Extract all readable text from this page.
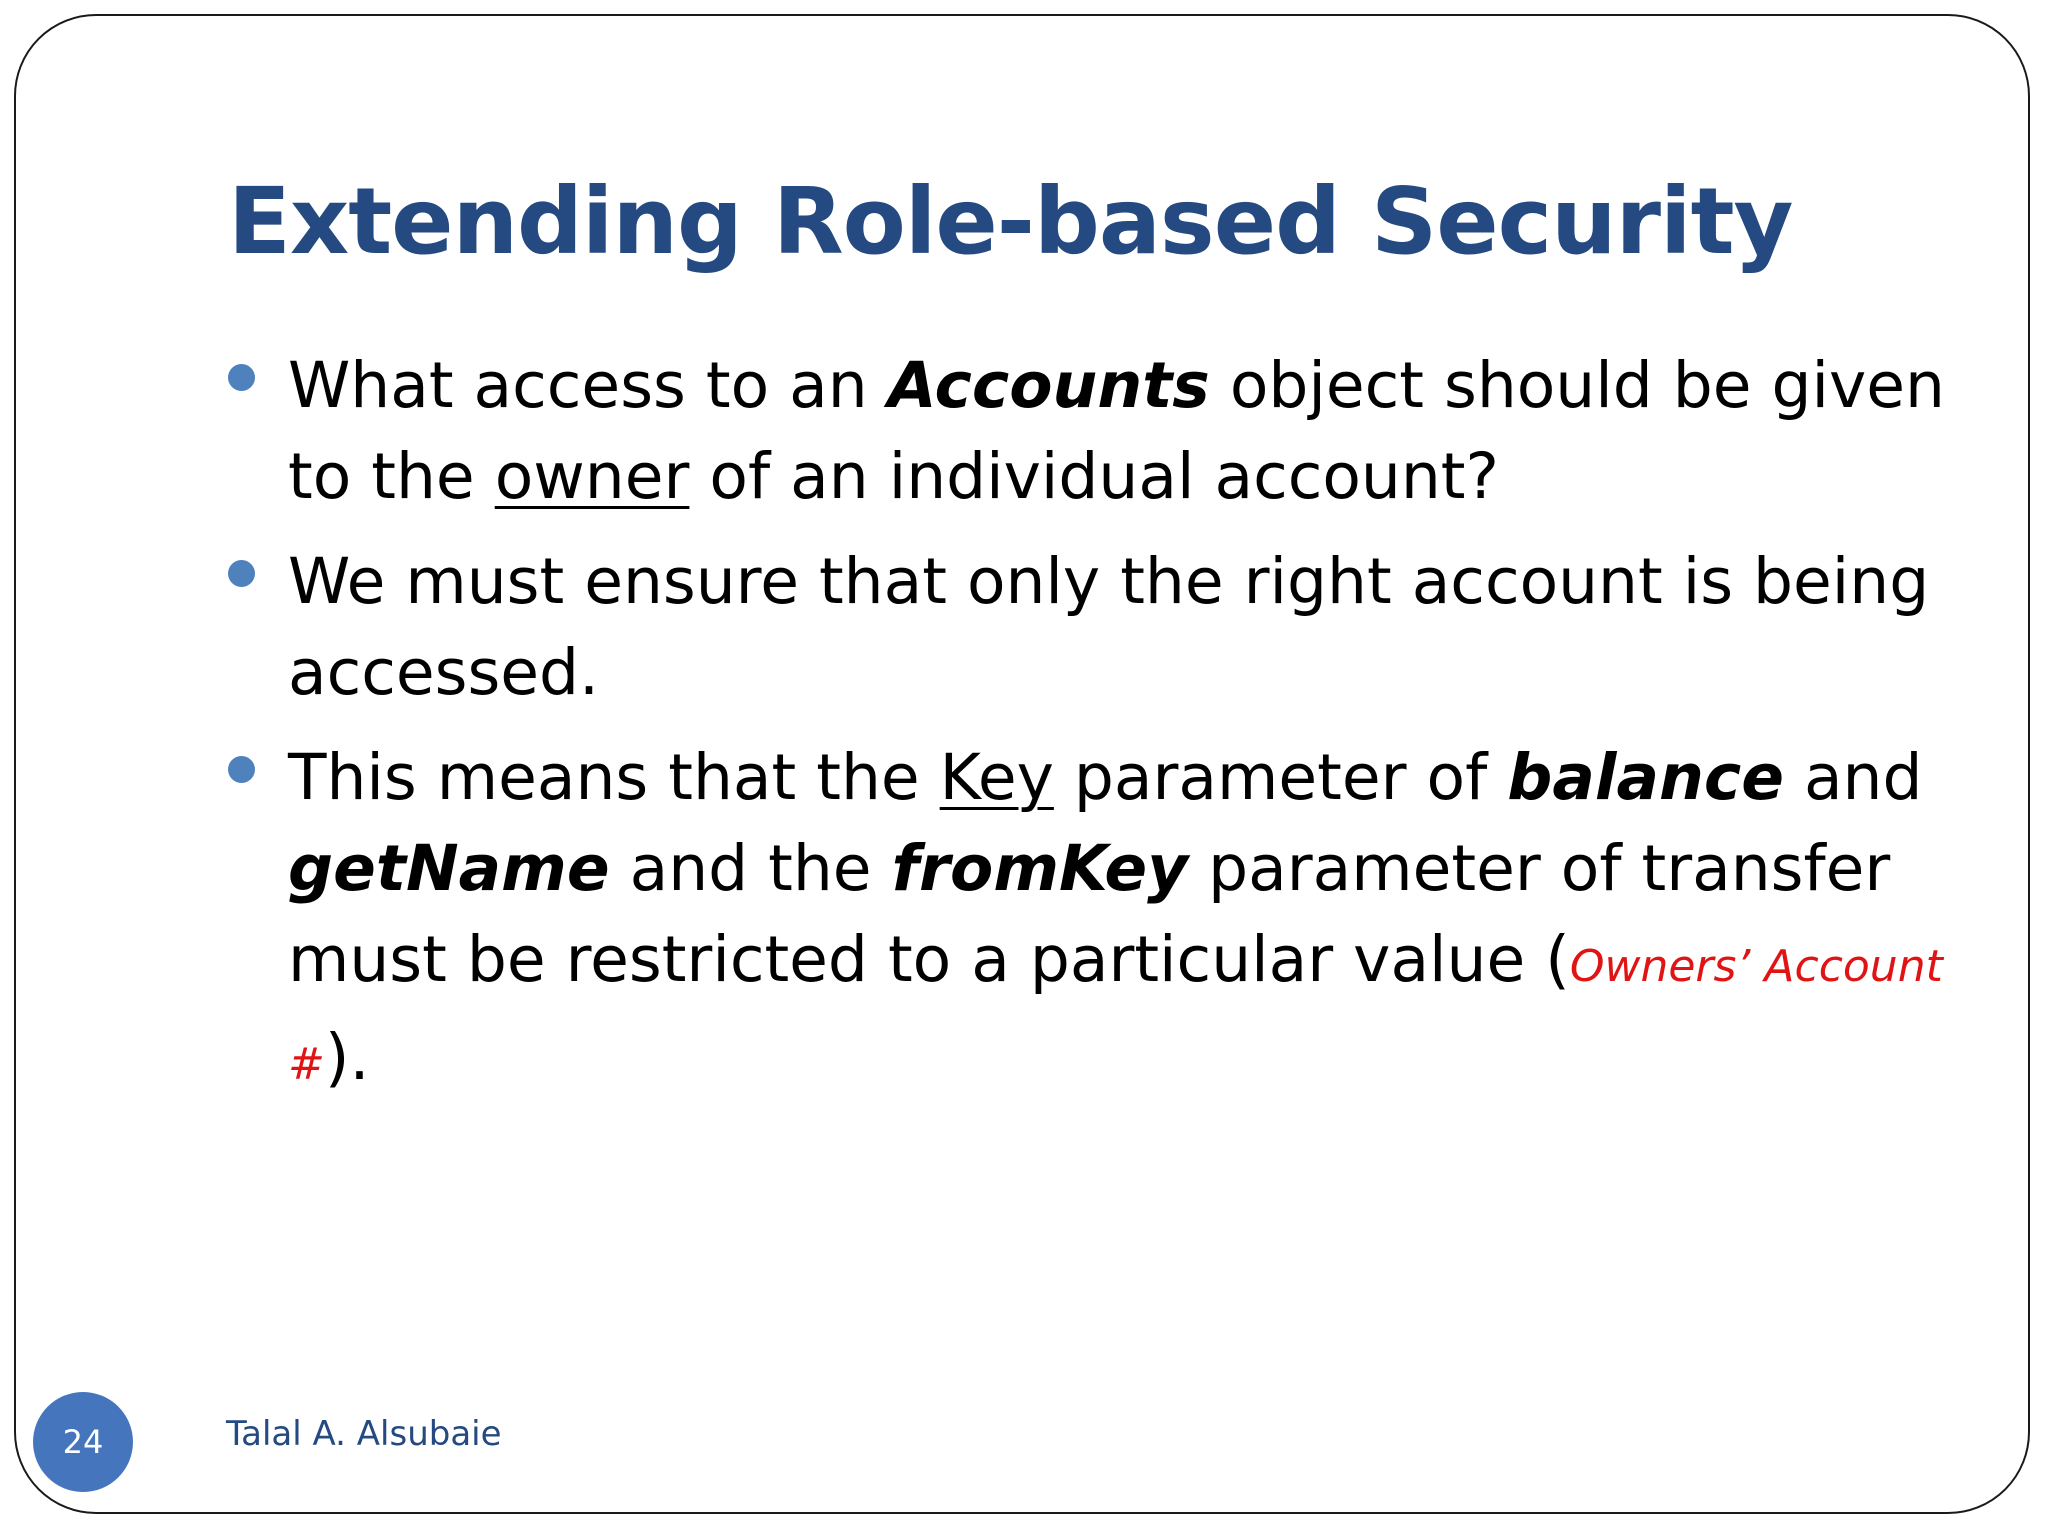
Extending Role-based Security
What access to an Accounts object should be given to the owner of an individual account?
We must ensure that only the right account is being accessed.
This means that the Key parameter of balance and getName and the fromKey parameter of transfer must be restricted to a particular value (Owners’ Account #).
24	Talal A. Alsubaie
